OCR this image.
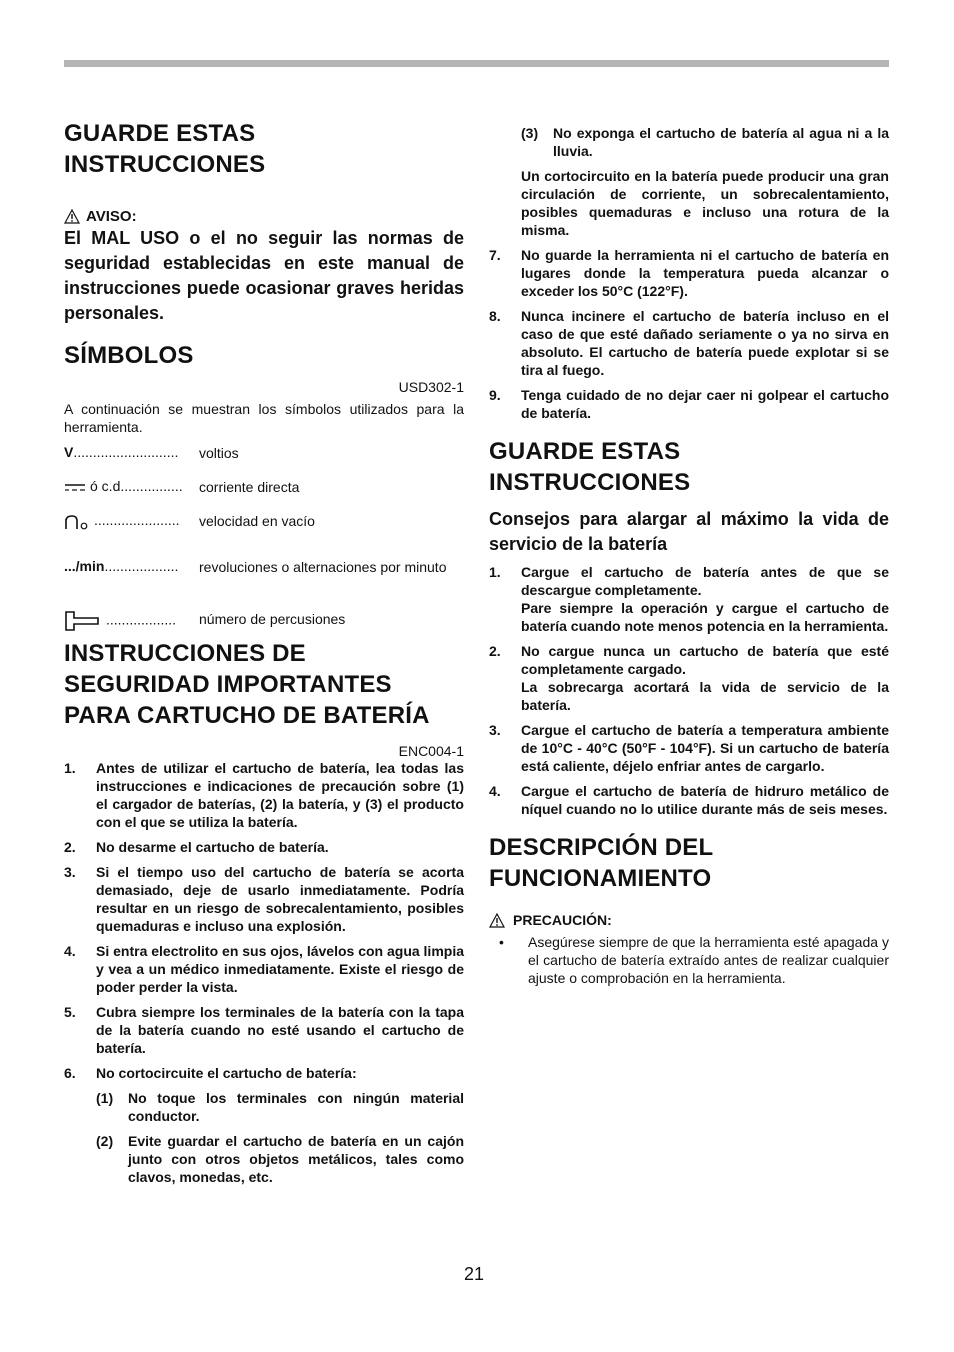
GUARDE ESTAS INSTRUCCIONES
AVISO:
El MAL USO o el no seguir las normas de seguridad establecidas en este manual de instrucciones puede ocasionar graves heridas personales.
SÍMBOLOS
USD302-1
A continuación se muestran los símbolos utilizados para la herramienta.
V........................... voltios
ó c.d................ corriente directa
...................... velocidad en vacío
.../min................... revoluciones o alternaciones por minuto
.................. número de percusiones
INSTRUCCIONES DE SEGURIDAD IMPORTANTES PARA CARTUCHO DE BATERÍA
ENC004-1
1. Antes de utilizar el cartucho de batería, lea todas las instrucciones e indicaciones de precaución sobre (1) el cargador de baterías, (2) la batería, y (3) el producto con el que se utiliza la batería.
2. No desarme el cartucho de batería.
3. Si el tiempo uso del cartucho de batería se acorta demasiado, deje de usarlo inmediatamente. Podría resultar en un riesgo de sobrecalentamiento, posibles quemaduras e incluso una explosión.
4. Si entra electrolito en sus ojos, lávelos con agua limpia y vea a un médico inmediatamente. Existe el riesgo de poder perder la vista.
5. Cubra siempre los terminales de la batería con la tapa de la batería cuando no esté usando el cartucho de batería.
6. No cortocircuite el cartucho de batería:
(1) No toque los terminales con ningún material conductor.
(2) Evite guardar el cartucho de batería en un cajón junto con otros objetos metálicos, tales como clavos, monedas, etc.
(3) No exponga el cartucho de batería al agua ni a la lluvia.
Un cortocircuito en la batería puede producir una gran circulación de corriente, un sobrecalentamiento, posibles quemaduras e incluso una rotura de la misma.
7. No guarde la herramienta ni el cartucho de batería en lugares donde la temperatura pueda alcanzar o exceder los 50°C (122°F).
8. Nunca incinere el cartucho de batería incluso en el caso de que esté dañado seriamente o ya no sirva en absoluto. El cartucho de batería puede explotar si se tira al fuego.
9. Tenga cuidado de no dejar caer ni golpear el cartucho de batería.
GUARDE ESTAS INSTRUCCIONES
Consejos para alargar al máximo la vida de servicio de la batería
1. Cargue el cartucho de batería antes de que se descargue completamente.
Pare siempre la operación y cargue el cartucho de batería cuando note menos potencia en la herramienta.
2. No cargue nunca un cartucho de batería que esté completamente cargado.
La sobrecarga acortará la vida de servicio de la batería.
3. Cargue el cartucho de batería a temperatura ambiente de 10°C - 40°C (50°F - 104°F). Si un cartucho de batería está caliente, déjelo enfriar antes de cargarlo.
4. Cargue el cartucho de batería de hidruro metálico de níquel cuando no lo utilice durante más de seis meses.
DESCRIPCIÓN DEL FUNCIONAMIENTO
PRECAUCIÓN:
• Asegúrese siempre de que la herramienta esté apagada y el cartucho de batería extraído antes de realizar cualquier ajuste o comprobación en la herramienta.
21
